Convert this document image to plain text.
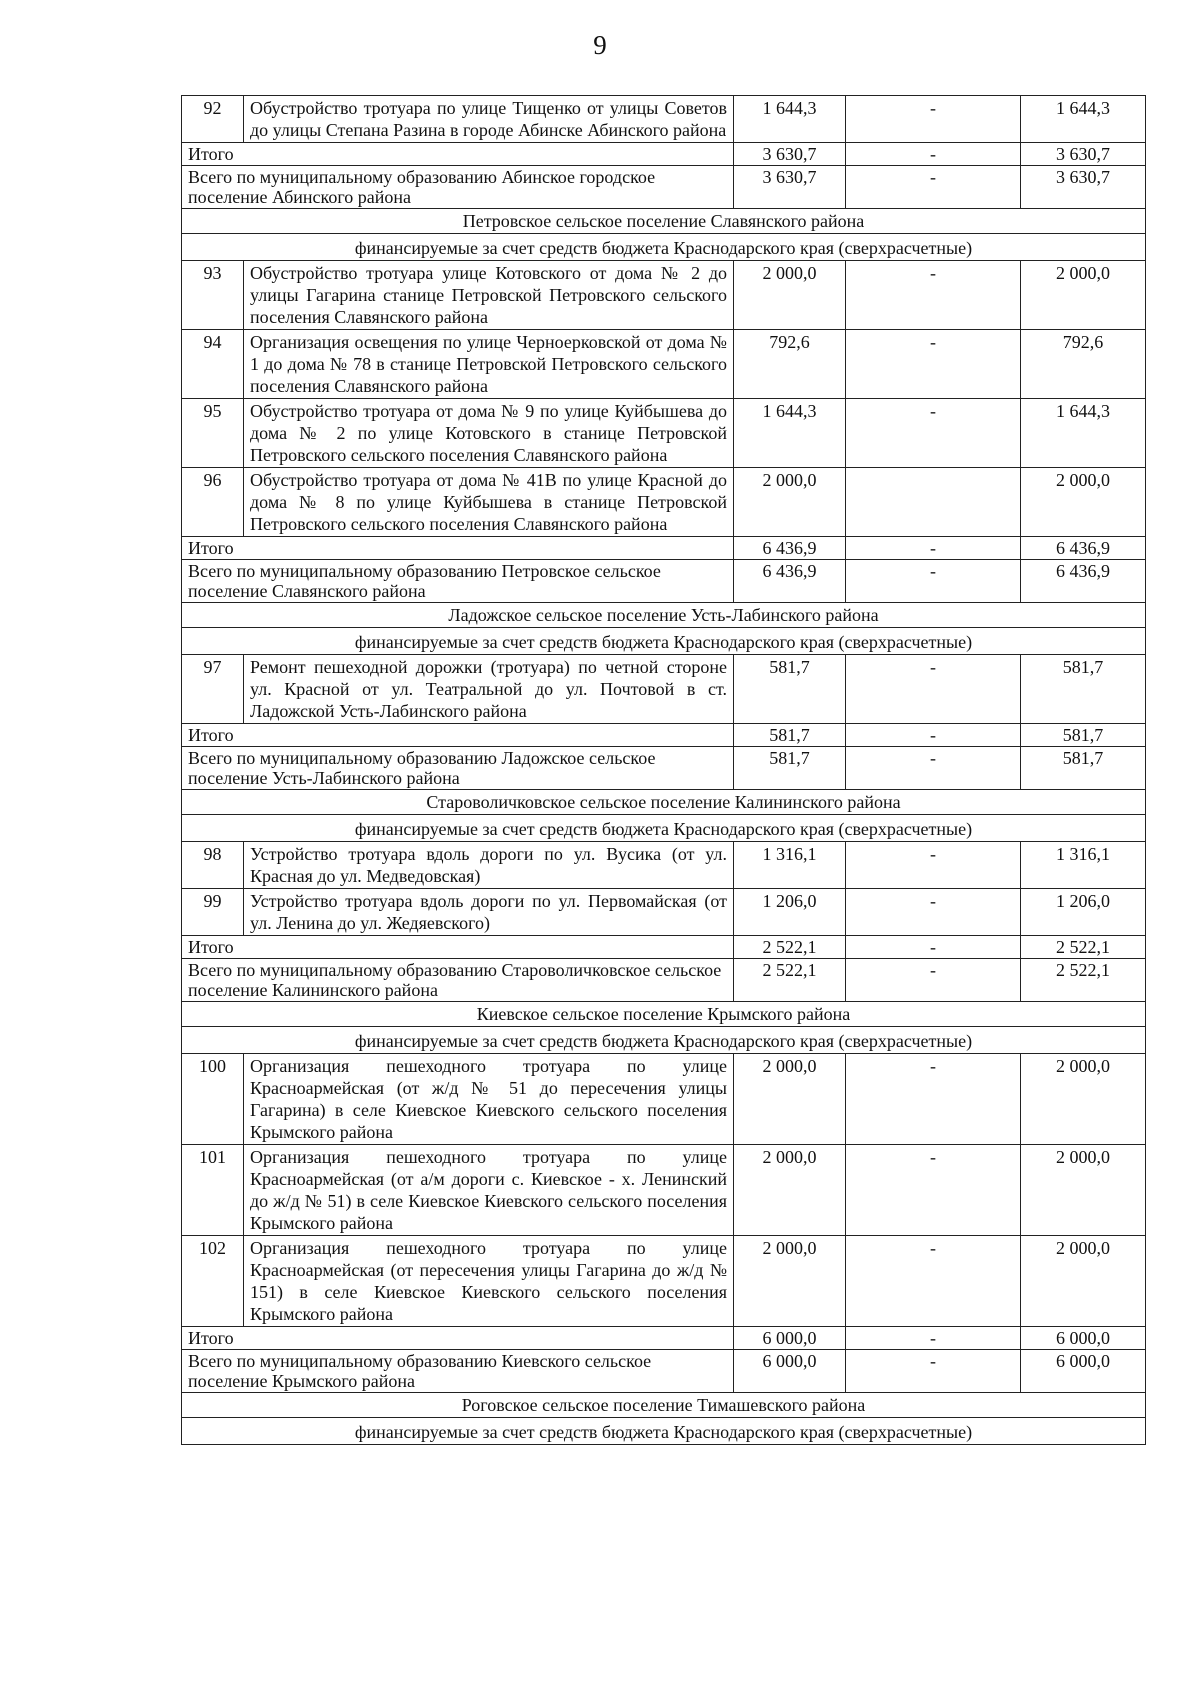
9
92	Обустройство тротуара по улице Тищенко от улицы Советов до улицы Степана Разина в городе Абинске Абинского района	1 644,3	-	1 644,3
Итого		3 630,7	-	3 630,7
Всего по муниципальному образованию Абинское городское поселение Абинского района		3 630,7	-	3 630,7
Петровское сельское поселение Славянского района				
финансируемые за счет средств бюджета Краснодарского края (сверхрасчетные)				
93	Обустройство тротуара улице Котовского от дома № 2 до улицы Гагарина станице Петровской Петровского сельского поселения Славянского района	2 000,0	-	2 000,0
94	Организация освещения по улице Черноерковской от дома № 1 до дома № 78 в станице Петровской Петровского сельского поселения Славянского района	792,6	-	792,6
95	Обустройство тротуара от дома № 9 по улице Куйбышева до дома № 2 по улице Котовского в станице Петровской Петровского сельского поселения Славянского района	1 644,3	-	1 644,3
96	Обустройство тротуара от дома № 41В по улице Красной до дома № 8 по улице Куйбышева в станице Петровской Петровского сельского поселения Славянского района	2 000,0		2 000,0
Итого		6 436,9	-	6 436,9
Всего по муниципальному образованию Петровское сельское поселение Славянского района		6 436,9	-	6 436,9
Ладожское сельское поселение Усть-Лабинского района				
финансируемые за счет средств бюджета Краснодарского края (сверхрасчетные)				
97	Ремонт пешеходной дорожки (тротуара) по четной стороне ул. Красной от ул. Театральной до ул. Почтовой в ст. Ладожской Усть-Лабинского района	581,7	-	581,7
Итого		581,7	-	581,7
Всего по муниципальному образованию Ладожское сельское поселение Усть-Лабинского района		581,7	-	581,7
Староволичковское сельское поселение Калининского района				
финансируемые за счет средств бюджета Краснодарского края (сверхрасчетные)				
98	Устройство тротуара вдоль дороги по ул. Вусика (от ул. Красная до ул. Медведовская)	1 316,1	-	1 316,1
99	Устройство тротуара вдоль дороги по ул. Первомайская (от ул. Ленина до ул. Жедяевского)	1 206,0	-	1 206,0
Итого		2 522,1	-	2 522,1
Всего по муниципальному образованию Староволичковское сельское поселение Калининского района		2 522,1	-	2 522,1
Киевское сельское поселение Крымского района				
финансируемые за счет средств бюджета Краснодарского края (сверхрасчетные)				
100	Организация пешеходного тротуара по улице Красноармейская (от ж/д № 51 до пересечения улицы Гагарина) в селе Киевское Киевского сельского поселения Крымского района	2 000,0	-	2 000,0
101	Организация пешеходного тротуара по улице Красноармейская (от а/м дороги с. Киевское - х. Ленинский до ж/д № 51) в селе Киевское Киевского сельского поселения Крымского района	2 000,0	-	2 000,0
102	Организация пешеходного тротуара по улице Красноармейская (от пересечения улицы Гагарина до ж/д № 151) в селе Киевское Киевского сельского поселения Крымского района	2 000,0	-	2 000,0
Итого		6 000,0	-	6 000,0
Всего по муниципальному образованию Киевского сельское поселение Крымского района		6 000,0	-	6 000,0
Роговское сельское поселение Тимашевского района				
финансируемые за счет средств бюджета Краснодарского края (сверхрасчетные)				
